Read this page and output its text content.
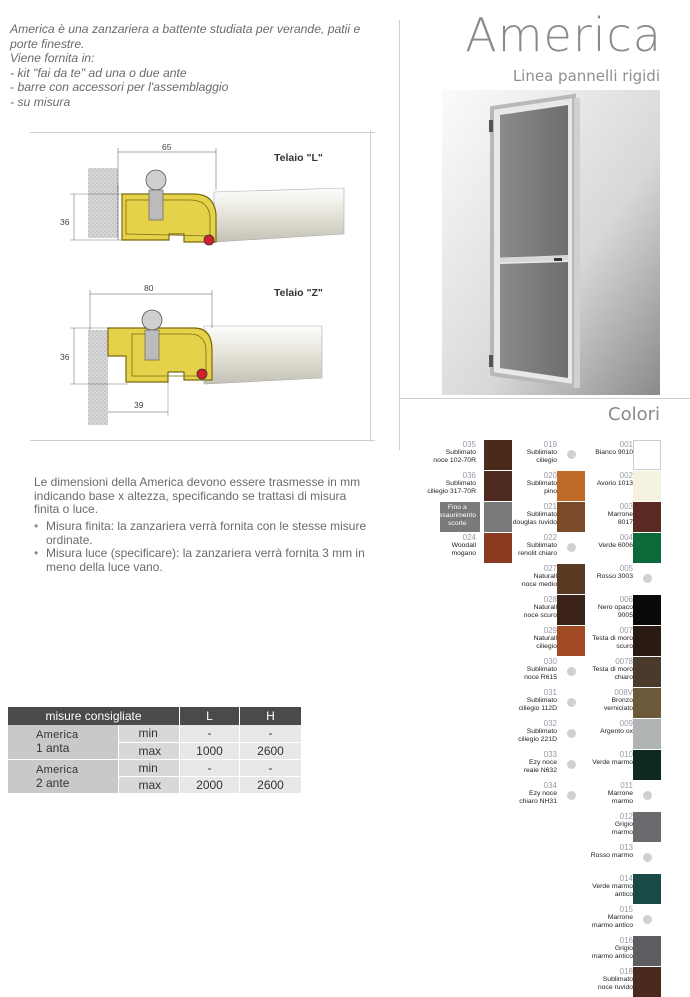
America è una zanzariera a battente studiata per verande, patii e

porte finestre.

Viene fornita in:

- kit "fai da te" ad una o due ante

- barre con accessori per l'assemblaggio

- su misura

America
Linea pannelli rigidi
65
36
Telaio "L"
80
36
39
Telaio "Z"

Le dimensioni della America devono essere trasmesse in mm indicando base x altezza, specificando se trattasi di misura finita o luce.

• Misura finita: la zanzariera verrà fornita con le stesse misure ordinate.
• Misura luce (specificare): la zanzariera verrà fornita 3 mm in meno della luce vano.
misure consigliate		L	H
America
1 anta	min	-	-
	max	1000	2600
America
2 ante	min	-	-
	max	2000	2600
Colori
035
Sublimato
noce 102-70R
036
Sublimato
ciliegio 317-70R
Fino a
esaurimento
scorte
024
Woodall
mogano
019
Sublimato
ciliegio
020
Sublimato
pino
021
Sublimato
douglas ruvido
022
Sublimato
renolit chiaro
027
Naturall
noce medio
028
Naturall
noce scuro
029
Naturall
ciliegio
030
Sublimato
noce R615
031
Sublimato
ciliegio 112D
032
Sublimato
ciliegio 221D
033
Ezy noce
reale N632
034
Ezy noce
chiaro NH31
001
Bianco 9010
002
Avorio 1013
003
Marrone
8017
004
Verde 6006
005
Rosso 3003
006
Nero opaco
9005
007
Testa di moro
scuro
0078
Testa di moro
chiaro
008V
Bronzo
verniciato
009
Argento ox
010
Verde marmo
011
Marrone
marmo
012
Grigio
marmo
013
Rosso marmo
014
Verde marmo
antico
015
Marrone
marmo antico
016
Grigio
marmo antico
018
Sublimato
noce ruvido
